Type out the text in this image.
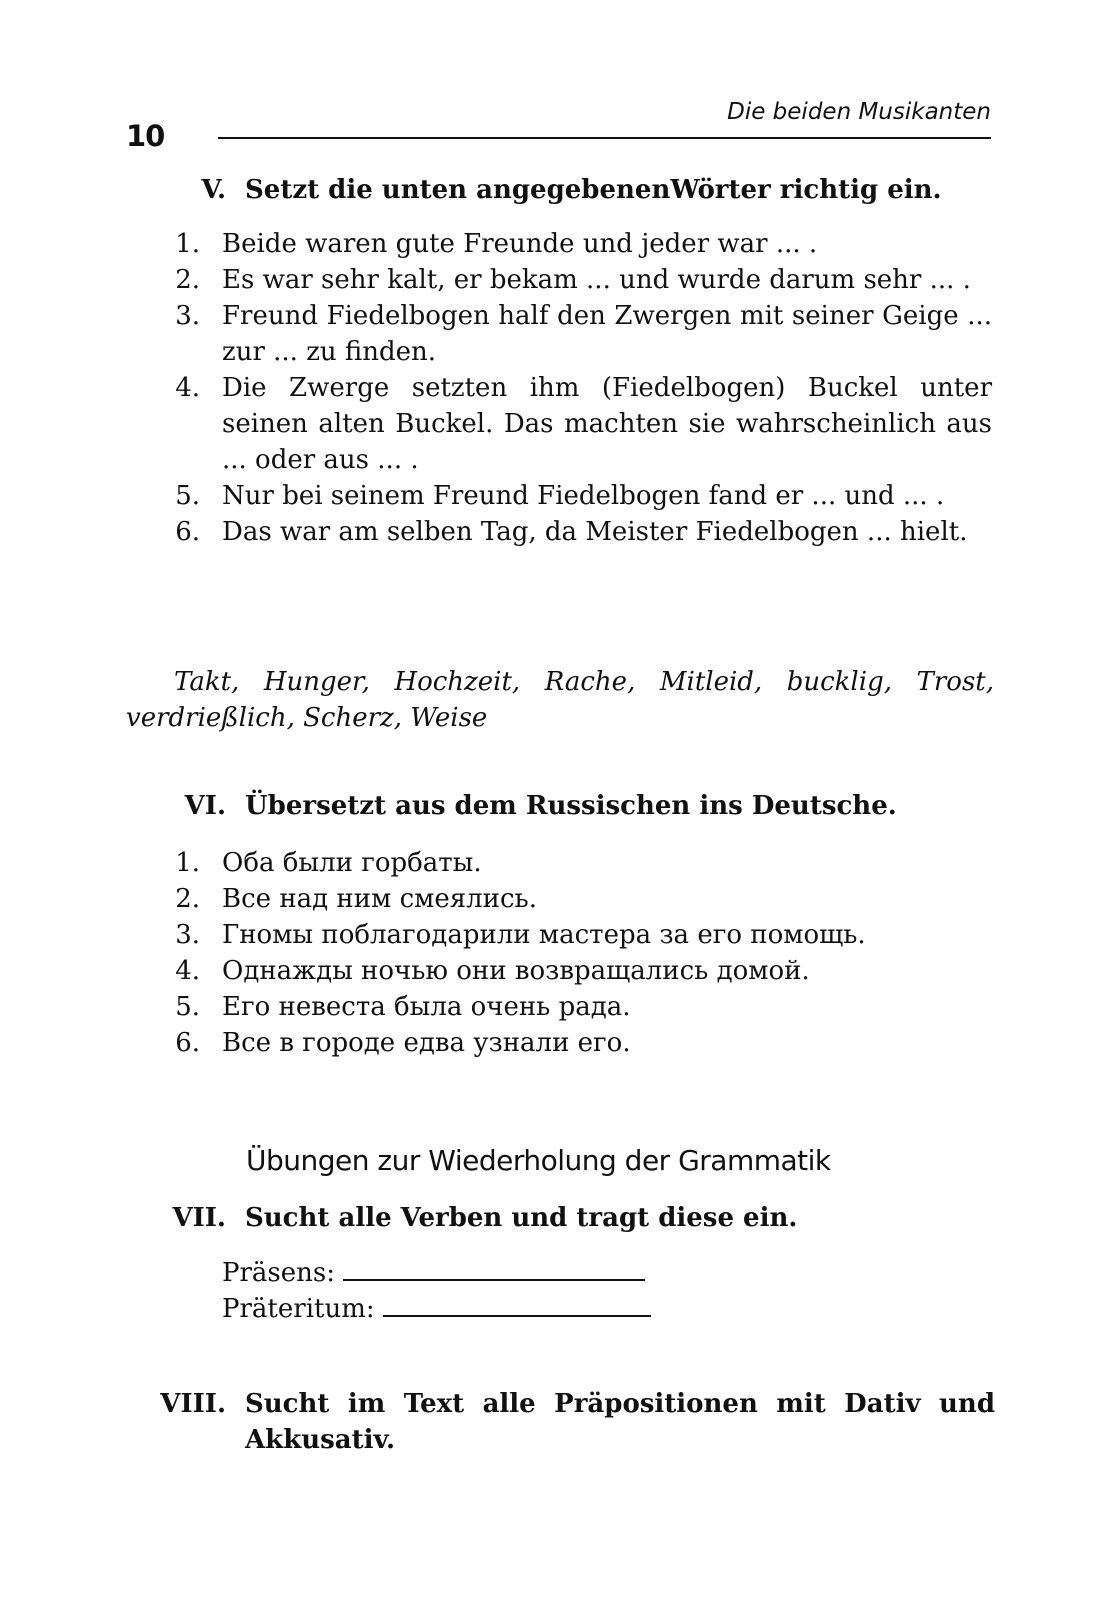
10
Die beiden Musikanten
V. Setzt die unten angegebenenWörter richtig ein.
1. Beide waren gute Freunde und jeder war ... .
2. Es war sehr kalt, er bekam ... und wurde darum sehr ... .
3. Freund Fiedelbogen half den Zwergen mit seiner Geige ... zur ... zu finden.
4. Die Zwerge setzten ihm (Fiedelbogen) Buckel unter seinen alten Buckel. Das machten sie wahrscheinlich aus ... oder aus ... .
5. Nur bei seinem Freund Fiedelbogen fand er ... und ... .
6. Das war am selben Tag, da Meister Fiedelbogen ... hielt.
Takt, Hunger, Hochzeit, Rache, Mitleid, bucklig, Trost, verdrießlich, Scherz, Weise
VI. Übersetzt aus dem Russischen ins Deutsche.
1. Оба были горбаты.
2. Все над ним смеялись.
3. Гномы поблагодарили мастера за его помощь.
4. Однажды ночью они возвращались домой.
5. Его невеста была очень рада.
6. Все в городе едва узнали его.
Übungen zur Wiederholung der Grammatik
VII. Sucht alle Verben und tragt diese ein.
Präsens:
Präteritum:
VIII. Sucht im Text alle Präpositionen mit Dativ und Akkusativ.
